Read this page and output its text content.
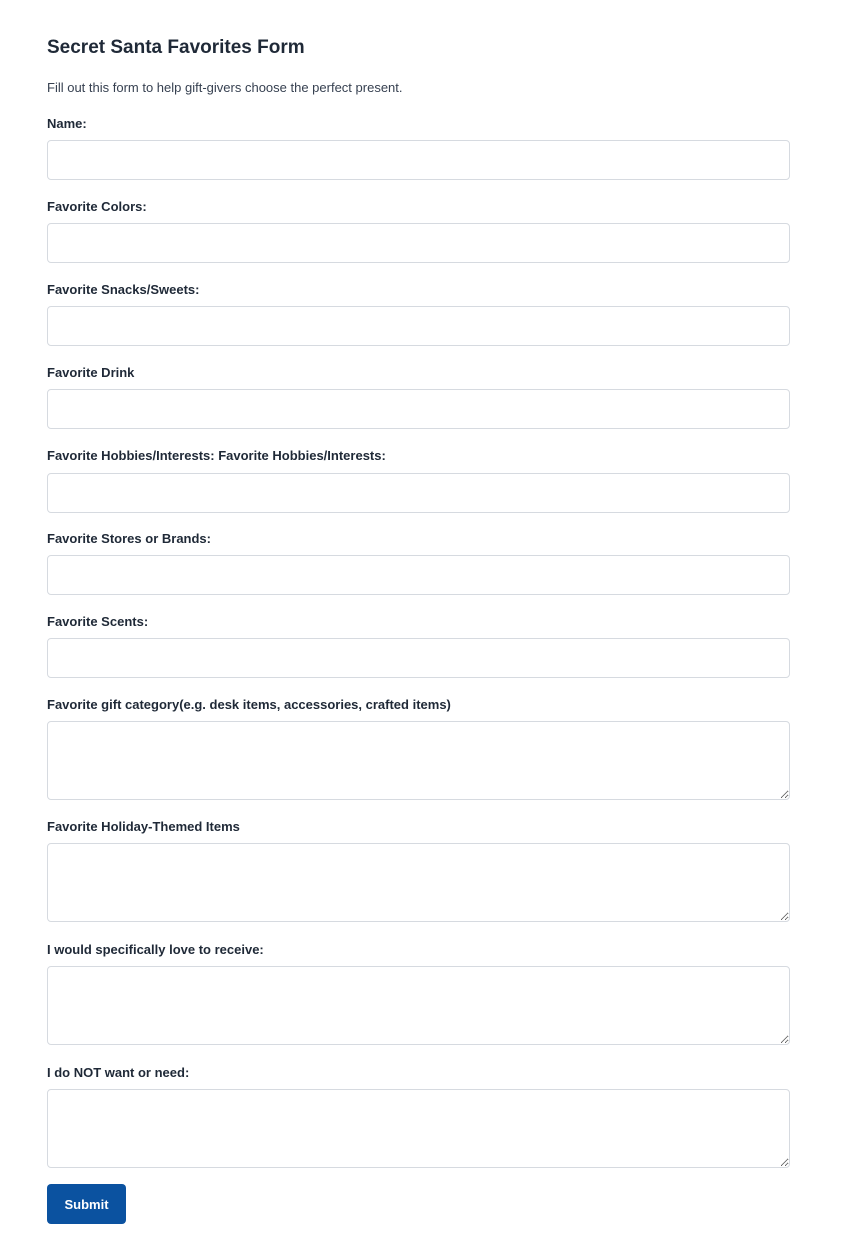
Secret Santa Favorites Form

Fill out this form to help gift-givers choose the perfect present.

Name:
Favorite Colors:
Favorite Snacks/Sweets:
Favorite Drink
Favorite Hobbies/Interests: Favorite Hobbies/Interests:
Favorite Stores or Brands:
Favorite Scents:
Favorite gift category(e.g. desk items, accessories, crafted items)
Favorite Holiday-Themed Items
I would specifically love to receive:
I do NOT want or need:
Submit
